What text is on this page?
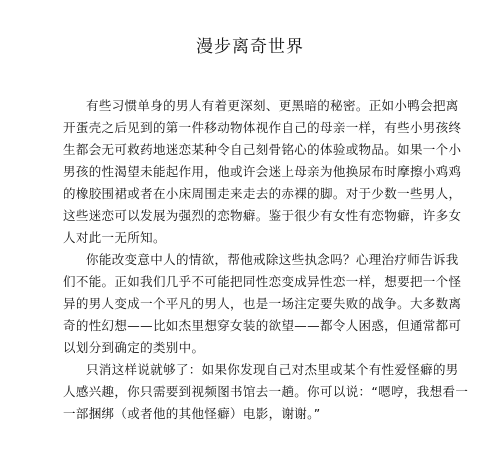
漫步离奇世界
有些习惯单身的男人有着更深刻、更黑暗的秘密。正如小鸭会把离
开蛋壳之后见到的第一件移动物体视作自己的母亲一样，有些小男孩终
生都会无可救药地迷恋某种令自己刻骨铭心的体验或物品。如果一个小
男孩的性渴望未能起作用，他或许会迷上母亲为他换尿布时摩擦小鸡鸡
的橡胶围裙或者在小床周围走来走去的赤裸的脚。对于少数一些男人，
这些迷恋可以发展为强烈的恋物癖。鉴于很少有女性有恋物癖，许多女
人对此一无所知。
你能改变意中人的情欲，帮他戒除这些执念吗？心理治疗师告诉我
们不能。正如我们几乎不可能把同性恋变成异性恋一样，想要把一个怪
异的男人变成一个平凡的男人，也是一场注定要失败的战争。大多数离
奇的性幻想——比如杰里想穿女装的欲望——都令人困惑，但通常都可
以划分到确定的类别中。
只消这样说就够了：如果你发现自己对杰里或某个有性爱怪癖的男
人感兴趣，你只需要到视频图书馆去一趟。你可以说：“嗯哼，我想看一
一部捆绑（或者他的其他怪癖）电影，谢谢。”
